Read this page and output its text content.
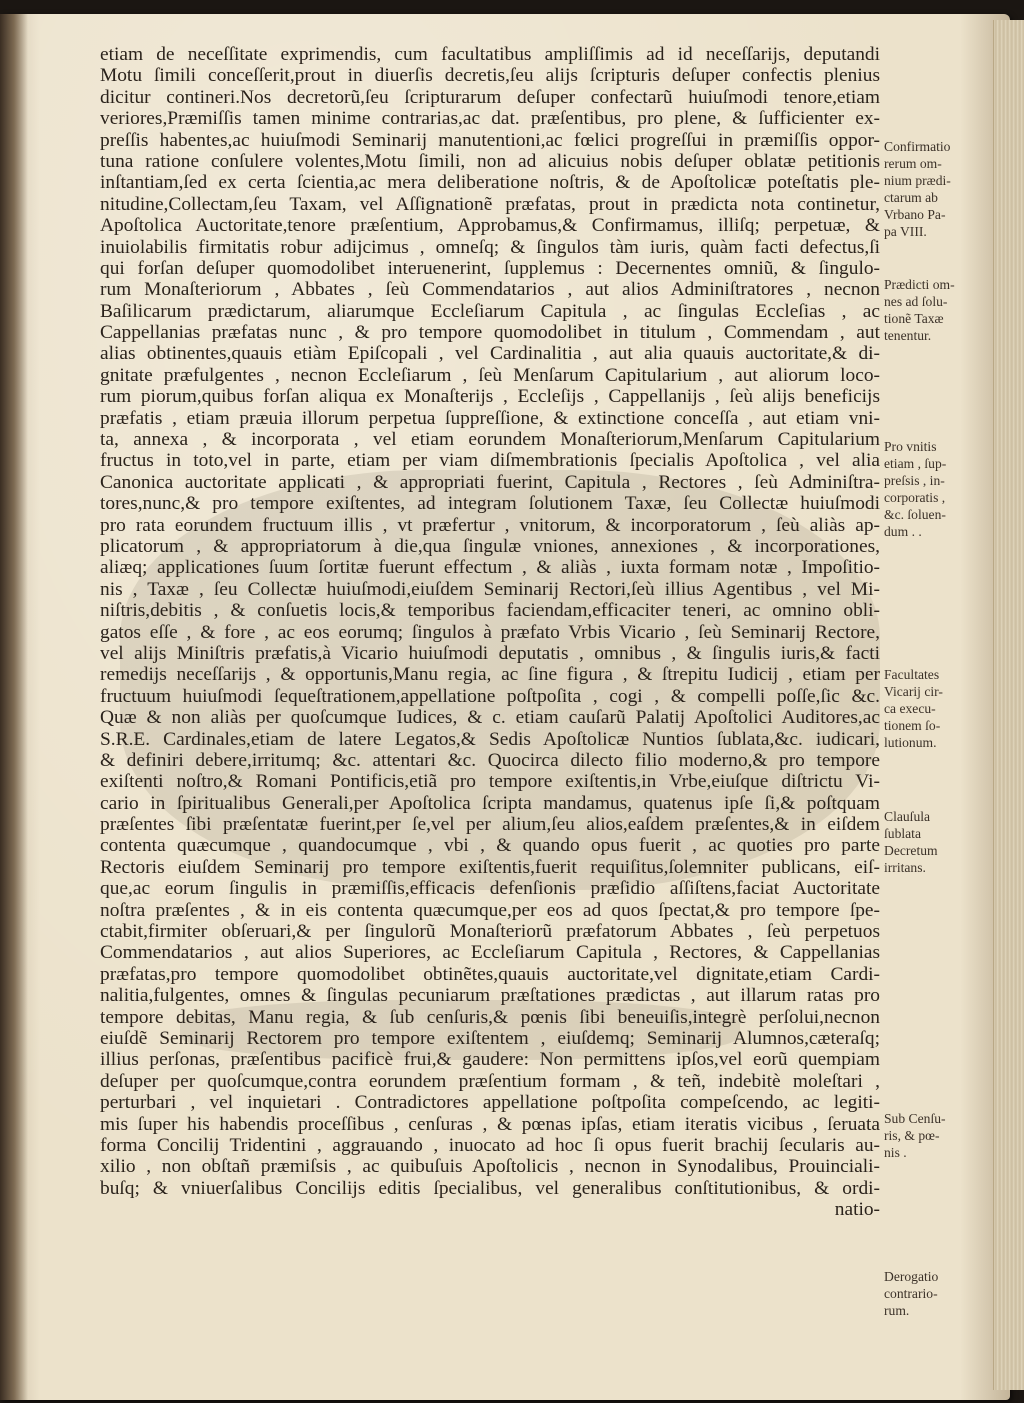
etiam de neceſſitate exprimendis, cum facultatibus ampliſſimis ad id neceſſarijs, deputandi
Motu ſimili conceſſerit,prout in diuerſis decretis,ſeu alijs ſcripturis deſuper confectis plenius
dicitur contineri.Nos decretorũ,ſeu ſcripturarum deſuper confectarũ huiuſmodi tenore,etiam
veriores,Præmiſſis tamen minime contrarias,ac dat. præſentibus, pro plene, & ſufficienter ex-
preſſis habentes,ac huiuſmodi Seminarij manutentioni,ac fœlici progreſſui in præmiſſis oppor-
tuna ratione conſulere volentes,Motu ſimili, non ad alicuius nobis deſuper oblatæ petitionis
inſtantiam,ſed ex certa ſcientia,ac mera deliberatione noſtris, & de Apoſtolicæ poteſtatis ple-
nitudine,Collectam,ſeu Taxam, vel Aſſignationẽ præfatas, prout in prædicta nota continetur,
Apoſtolica Auctoritate,tenore præſentium, Approbamus,& Confirmamus, illiſq; perpetuæ, &
inuiolabilis firmitatis robur adijcimus , omneſq; & ſingulos tàm iuris, quàm facti defectus,ſi
qui forſan deſuper quomodolibet interuenerint, ſupplemus : Decernentes omniũ, & ſingulo-
rum Monaſteriorum , Abbates , ſeù Commendatarios , aut alios Adminiſtratores , necnon
Baſilicarum prædictarum, aliarumque Eccleſiarum Capitula , ac ſingulas Eccleſias , ac
Cappellanias præfatas nunc , & pro tempore quomodolibet in titulum , Commendam , aut
alias obtinentes,quauis etiàm Epiſcopali , vel Cardinalitia , aut alia quauis auctoritate,& di-
gnitate præfulgentes , necnon Eccleſiarum , ſeù Menſarum Capitularium , aut aliorum loco-
rum piorum,quibus forſan aliqua ex Monaſterijs , Eccleſijs , Cappellanijs , ſeù alijs beneficijs
præfatis , etiam præuia illorum perpetua ſuppreſſione, & extinctione conceſſa , aut etiam vni-
ta, annexa , & incorporata , vel etiam eorundem Monaſteriorum,Menſarum Capitularium
fructus in toto,vel in parte, etiam per viam diſmembrationis ſpecialis Apoſtolica , vel alia
Canonica auctoritate applicati , & appropriati fuerint, Capitula , Rectores , ſeù Adminiſtra-
tores,nunc,& pro tempore exiſtentes, ad integram ſolutionem Taxæ, ſeu Collectæ huiuſmodi
pro rata eorundem fructuum illis , vt præfertur , vnitorum, & incorporatorum , ſeù aliàs ap-
plicatorum , & appropriatorum à die,qua ſingulæ vniones, annexiones , & incorporationes,
aliæq; applicationes ſuum ſortitæ fuerunt effectum , & aliàs , iuxta formam notæ , Impoſitio-
nis , Taxæ , ſeu Collectæ huiuſmodi,eiuſdem Seminarij Rectori,ſeù illius Agentibus , vel Mi-
niſtris,debitis , & conſuetis locis,& temporibus faciendam,efficaciter teneri, ac omnino obli-
gatos eſſe , & fore , ac eos eorumq; ſingulos à præfato Vrbis Vicario , ſeù Seminarij Rectore,
vel alijs Miniſtris præfatis,à Vicario huiuſmodi deputatis , omnibus , & ſingulis iuris,& facti
remedijs neceſſarijs , & opportunis,Manu regia, ac ſine figura , & ſtrepitu Iudicij , etiam per
fructuum huiuſmodi ſequeſtrationem,appellatione poſtpoſita , cogi , & compelli poſſe,ſic &c.
Quæ & non aliàs per quoſcumque Iudices, & c. etiam cauſarũ Palatij Apoſtolici Auditores,ac
S.R.E. Cardinales,etiam de latere Legatos,& Sedis Apoſtolicæ Nuntios ſublata,&c. iudicari,
& definiri debere,irritumq; &c. attentari &c. Quocirca dilecto filio moderno,& pro tempore
exiſtenti noſtro,& Romani Pontificis,etiã pro tempore exiſtentis,in Vrbe,eiuſque diſtrictu Vi-
cario in ſpiritualibus Generali,per Apoſtolica ſcripta mandamus, quatenus ipſe ſi,& poſtquam
præſentes ſibi præſentatæ fuerint,per ſe,vel per alium,ſeu alios,eaſdem præſentes,& in eiſdem
contenta quæcumque , quandocumque , vbi , & quando opus fuerit , ac quoties pro parte
Rectoris eiuſdem Seminarij pro tempore exiſtentis,fuerit requiſitus,ſolemniter publicans, eiſ-
que,ac eorum ſingulis in præmiſſis,efficacis defenſionis præſidio aſſiſtens,faciat Auctoritate
noſtra præſentes , & in eis contenta quæcumque,per eos ad quos ſpectat,& pro tempore ſpe-
ctabit,firmiter obſeruari,& per ſingulorũ Monaſteriorũ præfatorum Abbates , ſeù perpetuos
Commendatarios , aut alios Superiores, ac Eccleſiarum Capitula , Rectores, & Cappellanias
præfatas,pro tempore quomodolibet obtinẽtes,quauis auctoritate,vel dignitate,etiam Cardi-
nalitia,fulgentes, omnes & ſingulas pecuniarum præſtationes prædictas , aut illarum ratas pro
tempore debitas, Manu regia, & ſub cenſuris,& pœnis ſibi beneuiſis,integrè perſolui,necnon
eiuſdẽ Seminarij Rectorem pro tempore exiſtentem , eiuſdemq; Seminarij Alumnos,cæteraſq;
illius perſonas, præſentibus pacificè frui,& gaudere: Non permittens ipſos,vel eorũ quempiam
deſuper per quoſcumque,contra eorundem præſentium formam , & teñ, indebitè moleſtari ,
perturbari , vel inquietari . Contradictores appellatione poſtpoſita compeſcendo, ac legiti-
mis ſuper his habendis proceſſibus , cenſuras , & pœnas ipſas, etiam iteratis vicibus , ſeruata
forma Concilij Tridentini , aggrauando , inuocato ad hoc ſi opus fuerit brachij ſecularis au-
xilio , non obſtañ præmiſsis , ac quibuſuis Apoſtolicis , necnon in Synodalibus, Prouinciali-
buſq; & vniuerſalibus Concilijs editis ſpecialibus, vel generalibus conſtitutionibus, & ordi-
natio-
Confirmatio
rerum om-
nium prædi-
ctarum ab
Vrbano Pa-
pa VIII.
Prædicti om-
nes ad ſolu-
tionẽ Taxæ
tenentur.
Pro vnitis
etiam , ſup-
preſsis , in-
corporatis ,
&c. ſoluen-
dum . .
Facultates
Vicarij cir-
ca execu-
tionem ſo-
lutionum.
Clauſula
ſublata
Decretum
irritans.
Sub Cenſu-
ris, & pœ-
nis .
Derogatio
contrario-
rum.
